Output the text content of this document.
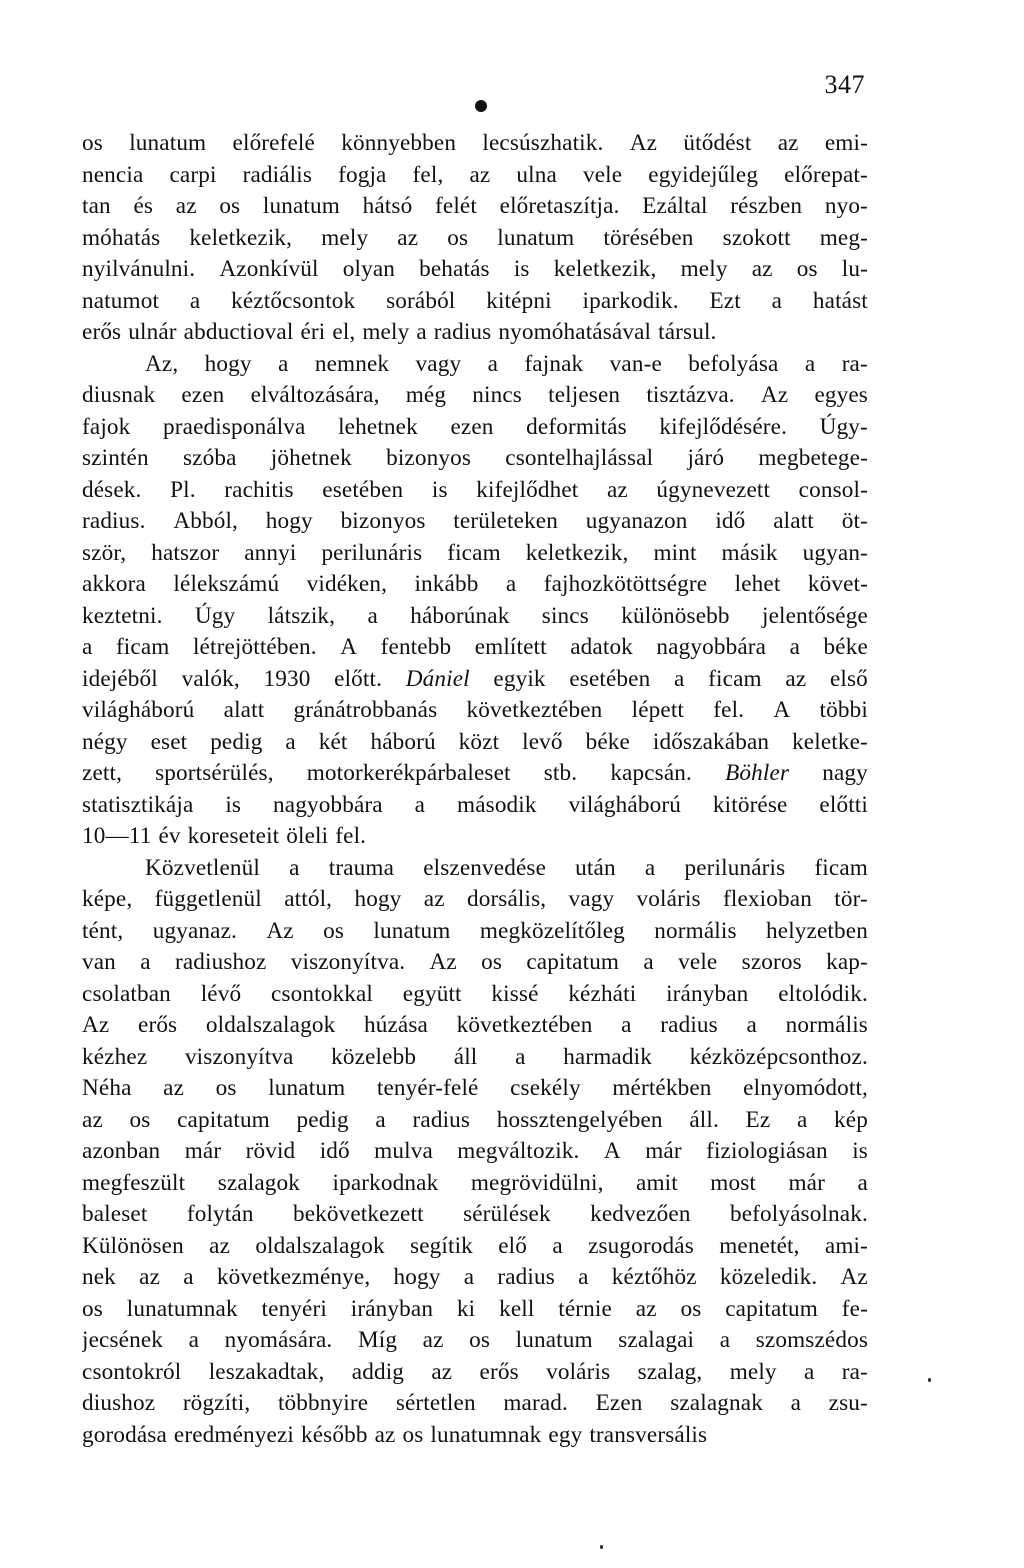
347
os lunatum előrefelé könnyebben lecsúszhatik. Az ütődést az emi-
nencia carpi radiális fogja fel, az ulna vele egyidejűleg előrepat-
tan és az os lunatum hátsó felét előretaszítja. Ezáltal részben nyo-
móhatás keletkezik, mely az os lunatum törésében szokott meg-
nyilvánulni. Azonkívül olyan behatás is keletkezik, mely az os lu-
natumot a kéztőcsontok sorából kitépni iparkodik. Ezt a hatást
erős ulnár abductioval éri el, mely a radius nyomóhatásával társul.
Az, hogy a nemnek vagy a fajnak van-e befolyása a ra-
diusnak ezen elváltozására, még nincs teljesen tisztázva. Az egyes
fajok praedisponálva lehetnek ezen deformitás kifejlődésére. Úgy-
szintén szóba jöhetnek bizonyos csontelhajlással járó megbetege-
dések. Pl. rachitis esetében is kifejlődhet az úgynevezett consol-
radius. Abból, hogy bizonyos területeken ugyanazon idő alatt öt-
ször, hatszor annyi perilunáris ficam keletkezik, mint másik ugyan-
akkora lélekszámú vidéken, inkább a fajhozkötöttségre lehet követ-
keztetni. Úgy látszik, a háborúnak sincs különösebb jelentősége
a ficam létrejöttében. A fentebb említett adatok nagyobbára a béke
idejéből valók, 1930 előtt. Dániel egyik esetében a ficam az első
világháború alatt gránátrobbanás következtében lépett fel. A többi
négy eset pedig a két háború közt levő béke időszakában keletke-
zett, sportsérülés, motorkerékpárbaleset stb. kapcsán. Böhler nagy
statisztikája is nagyobbára a második világháború kitörése előtti
10—11 év koreseteit öleli fel.
Közvetlenül a trauma elszenvedése után a perilunáris ficam
képe, függetlenül attól, hogy az dorsális, vagy voláris flexioban tör-
tént, ugyanaz. Az os lunatum megközelítőleg normális helyzetben
van a radiushoz viszonyítva. Az os capitatum a vele szoros kap-
csolatban lévő csontokkal együtt kissé kézháti irányban eltolódik.
Az erős oldalszalagok húzása következtében a radius a normális
kézhez viszonyítva közelebb áll a harmadik kézközépcsonthoz.
Néha az os lunatum tenyér-felé csekély mértékben elnyomódott,
az os capitatum pedig a radius hossztengelyében áll. Ez a kép
azonban már rövid idő mulva megváltozik. A már fiziologiásan is
megfeszült szalagok iparkodnak megrövidülni, amit most már a
baleset folytán bekövetkezett sérülések kedvezően befolyásolnak.
Különösen az oldalszalagok segítik elő a zsugorodás menetét, ami-
nek az a következménye, hogy a radius a kéztőhöz közeledik. Az
os lunatumnak tenyéri irányban ki kell térnie az os capitatum fe-
jecsének a nyomására. Míg az os lunatum szalagai a szomszédos
csontokról leszakadtak, addig az erős voláris szalag, mely a ra-
diushoz rögzíti, többnyire sértetlen marad. Ezen szalagnak a zsu-
gorodása eredményezi később az os lunatumnak egy transversális
